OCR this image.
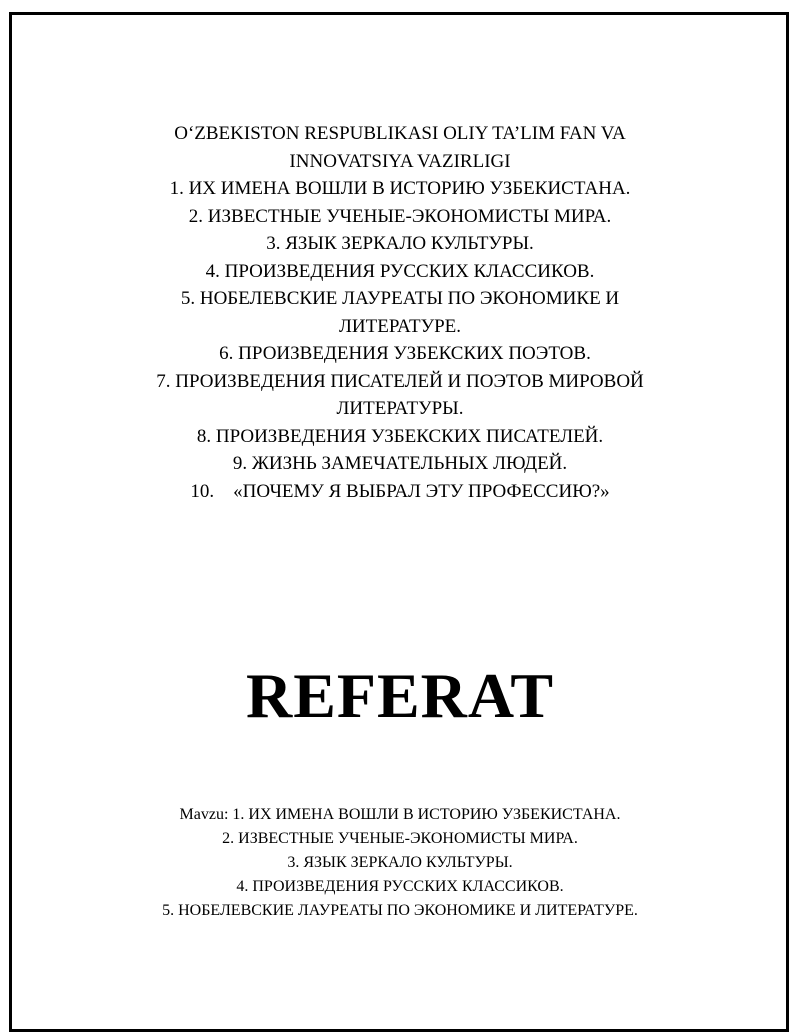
O‘ZBEKISTON RESPUBLIKASI OLIY TA’LIM FAN VA
INNOVATSIYA VAZIRLIGI
1. ИХ ИМЕНА ВОШЛИ В ИСТОРИЮ УЗБЕКИСТАНА.
2. ИЗВЕСТНЫЕ УЧЕНЫЕ-ЭКОНОМИСТЫ МИРА.
3. ЯЗЫК ЗЕРКАЛО КУЛЬТУРЫ.
4. ПРОИЗВЕДЕНИЯ РУССКИХ КЛАССИКОВ.
5. НОБЕЛЕВСКИЕ ЛАУРЕАТЫ ПО ЭКОНОМИКЕ И
ЛИТЕРАТУРЕ.
6. ПРОИЗВЕДЕНИЯ УЗБЕКСКИХ ПОЭТОВ.
7. ПРОИЗВЕДЕНИЯ ПИСАТЕЛЕЙ И ПОЭТОВ МИРОВОЙ
ЛИТЕРАТУРЫ.
8. ПРОИЗВЕДЕНИЯ УЗБЕКСКИХ ПИСАТЕЛЕЙ.
9. ЖИЗНЬ ЗАМЕЧАТЕЛЬНЫХ ЛЮДЕЙ.
10.    «ПОЧЕМУ Я ВЫБРАЛ ЭТУ ПРОФЕССИЮ?»
REFERAT
Mavzu: 1. ИХ ИМЕНА ВОШЛИ В ИСТОРИЮ УЗБЕКИСТАНА.
2. ИЗВЕСТНЫЕ УЧЕНЫЕ-ЭКОНОМИСТЫ МИРА.
3. ЯЗЫК ЗЕРКАЛО КУЛЬТУРЫ.
4. ПРОИЗВЕДЕНИЯ РУССКИХ КЛАССИКОВ.
5. НОБЕЛЕВСКИЕ ЛАУРЕАТЫ ПО ЭКОНОМИКЕ И ЛИТЕРАТУРЕ.
